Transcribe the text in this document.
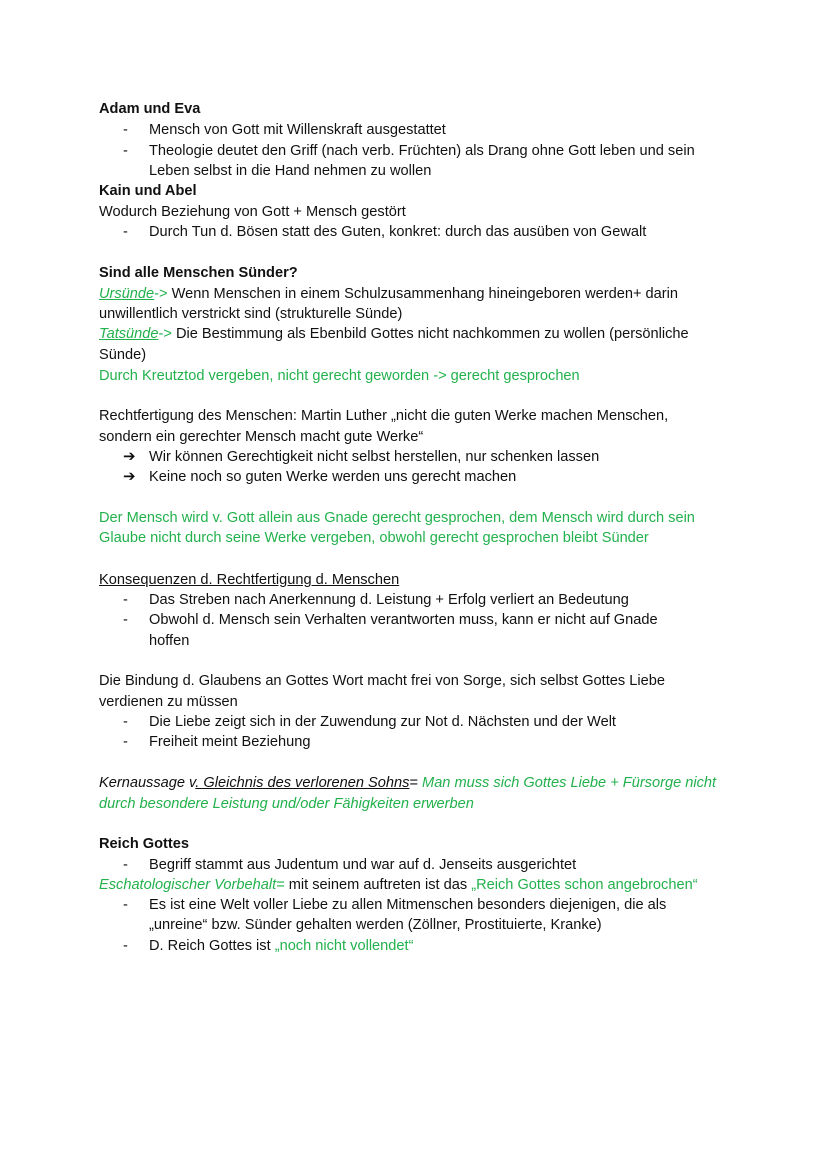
Adam und Eva
- Mensch von Gott mit Willenskraft ausgestattet
- Theologie deutet den Griff (nach verb. Früchten) als Drang ohne Gott leben und sein
Leben selbst in die Hand nehmen zu wollen
Kain und Abel
Wodurch Beziehung von Gott + Mensch gestört
- Durch Tun d. Bösen statt des Guten, konkret: durch das ausüben von Gewalt
Sind alle Menschen Sünder?
Ursünde-> Wenn Menschen in einem Schulzusammenhang hineingeboren werden+ darin
unwillentlich verstrickt sind (strukturelle Sünde)
Tatsünde-> Die Bestimmung als Ebenbild Gottes nicht nachkommen zu wollen (persönliche
Sünde)
Durch Kreutztod vergeben, nicht gerecht geworden -> gerecht gesprochen
Rechtfertigung des Menschen: Martin Luther „nicht die guten Werke machen Menschen,
sondern ein gerechter Mensch macht gute Werke“
➔ Wir können Gerechtigkeit nicht selbst herstellen, nur schenken lassen
➔ Keine noch so guten Werke werden uns gerecht machen
Der Mensch wird v. Gott allein aus Gnade gerecht gesprochen, dem Mensch wird durch sein
Glaube nicht durch seine Werke vergeben, obwohl gerecht gesprochen bleibt Sünder
Konsequenzen d. Rechtfertigung d. Menschen
- Das Streben nach Anerkennung d. Leistung + Erfolg verliert an Bedeutung
- Obwohl d. Mensch sein Verhalten verantworten muss, kann er nicht auf Gnade
hoffen
Die Bindung d. Glaubens an Gottes Wort macht frei von Sorge, sich selbst Gottes Liebe
verdienen zu müssen
- Die Liebe zeigt sich in der Zuwendung zur Not d. Nächsten und der Welt
- Freiheit meint Beziehung
Kernaussage v. Gleichnis des verlorenen Sohns= Man muss sich Gottes Liebe + Fürsorge nicht
durch besondere Leistung und/oder Fähigkeiten erwerben
Reich Gottes
- Begriff stammt aus Judentum und war auf d. Jenseits ausgerichtet
Eschatologischer Vorbehalt= mit seinem auftreten ist das „Reich Gottes schon angebrochen“
- Es ist eine Welt voller Liebe zu allen Mitmenschen besonders diejenigen, die als
„unreine“ bzw. Sünder gehalten werden (Zöllner, Prostituierte, Kranke)
- D. Reich Gottes ist „noch nicht vollendet“
